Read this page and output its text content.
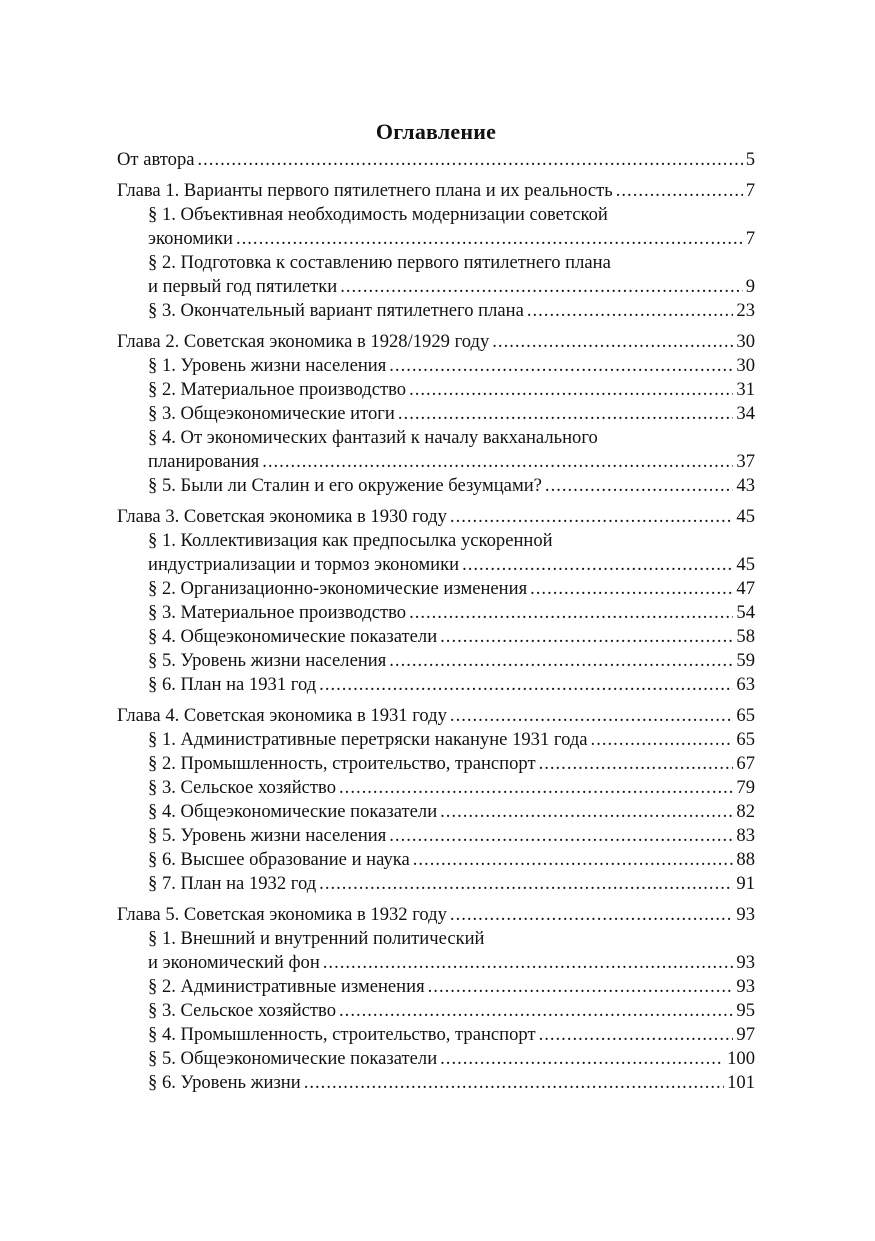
Оглавление
От автора .....	5
Глава 1. Варианты первого пятилетнего плана и их реальность .....	7
§ 1. Объективная необходимость модернизации советской
экономики .....	7
§ 2. Подготовка к составлению первого пятилетнего плана
и первый год пятилетки .....	9
§ 3. Окончательный вариант пятилетнего плана .....	23
Глава 2. Советская экономика в 1928/1929 году .....	30
§ 1. Уровень жизни населения .....	30
§ 2. Материальное производство .....	31
§ 3. Общеэкономические итоги .....	34
§ 4. От экономических фантазий к началу вакханального
планирования .....	37
§ 5. Были ли Сталин и его окружение безумцами? .....	43
Глава 3. Советская экономика в 1930 году .....	45
§ 1. Коллективизация как предпосылка ускоренной
индустриализации и тормоз экономики .....	45
§ 2. Организационно-экономические изменения .....	47
§ 3. Материальное производство .....	54
§ 4. Общеэкономические показатели .....	58
§ 5. Уровень жизни населения .....	59
§ 6. План на 1931 год .....	63
Глава 4. Советская экономика в 1931 году .....	65
§ 1. Административные перетряски накануне 1931 года .....	65
§ 2. Промышленность, строительство, транспорт .....	67
§ 3. Сельское хозяйство .....	79
§ 4. Общеэкономические показатели .....	82
§ 5. Уровень жизни населения .....	83
§ 6. Высшее образование и наука .....	88
§ 7. План на 1932 год .....	91
Глава 5. Советская экономика в 1932 году .....	93
§ 1. Внешний и внутренний политический
и экономический фон .....	93
§ 2. Административные изменения .....	93
§ 3. Сельское хозяйство .....	95
§ 4. Промышленность, строительство, транспорт .....	97
§ 5. Общеэкономические показатели .....	100
§ 6. Уровень жизни .....	101
